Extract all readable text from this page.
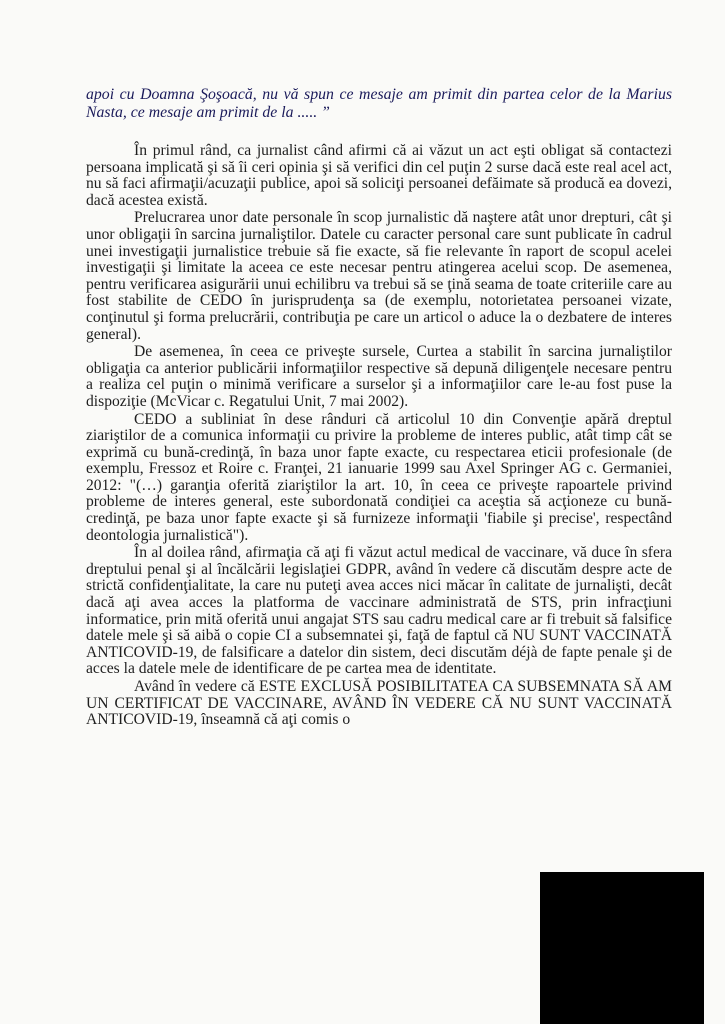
apoi cu Doamna Şoşoacă, nu vă spun ce mesaje am primit din partea celor de la Marius Nasta, ce mesaje am primit de la ..... ”

În primul rând, ca jurnalist când afirmi că ai văzut un act eşti obligat să contactezi persoana implicată şi să îi ceri opinia şi să verifici din cel puţin 2 surse dacă este real acel act, nu să faci afirmaţii/acuzaţii publice, apoi să soliciţi persoanei defăimate să producă ea dovezi, dacă acestea există.

Prelucrarea unor date personale în scop jurnalistic dă naştere atât unor drepturi, cât şi unor obligaţii în sarcina jurnaliştilor. Datele cu caracter personal care sunt publicate în cadrul unei investigaţii jurnalistice trebuie să fie exacte, să fie relevante în raport de scopul acelei investigaţii şi limitate la aceea ce este necesar pentru atingerea acelui scop. De asemenea, pentru verificarea asigurării unui echilibru va trebui să se ţină seama de toate criteriile care au fost stabilite de CEDO în jurisprudenţa sa (de exemplu, notorietatea persoanei vizate, conţinutul şi forma prelucrării, contribuţia pe care un articol o aduce la o dezbatere de interes general).

De asemenea, în ceea ce priveşte sursele, Curtea a stabilit în sarcina jurnaliştilor obligaţia ca anterior publicării informaţiilor respective să depună diligenţele necesare pentru a realiza cel puţin o minimă verificare a surselor şi a informaţiilor care le-au fost puse la dispoziţie (McVicar c. Regatului Unit, 7 mai 2002).

CEDO a subliniat în dese rânduri că articolul 10 din Convenţie apără dreptul ziariştilor de a comunica informaţii cu privire la probleme de interes public, atât timp cât se exprimă cu bună-credinţă, în baza unor fapte exacte, cu respectarea eticii profesionale (de exemplu, Fressoz et Roire c. Franţei, 21 ianuarie 1999 sau Axel Springer AG c. Germaniei, 2012: "(…) garanţia oferită ziariştilor la art. 10, în ceea ce priveşte rapoartele privind probleme de interes general, este subordonată condiţiei ca aceştia să acţioneze cu bună-credinţă, pe baza unor fapte exacte şi să furnizeze informaţii 'fiabile şi precise', respectând deontologia jurnalistică").

În al doilea rând, afirmaţia că aţi fi văzut actul medical de vaccinare, vă duce în sfera dreptului penal şi al încălcării legislaţiei GDPR, având în vedere că discutăm despre acte de strictă confidenţialitate, la care nu puteţi avea acces nici măcar în calitate de jurnalişti, decât dacă aţi avea acces la platforma de vaccinare administrată de STS, prin infracţiuni informatice, prin mită oferită unui angajat STS sau cadru medical care ar fi trebuit să falsifice datele mele şi să aibă o copie CI a subsemnatei şi, faţă de faptul că NU SUNT VACCINATĂ ANTICOVID-19, de falsificare a datelor din sistem, deci discutăm déjà de fapte penale şi de acces la datele mele de identificare de pe cartea mea de identitate.

Având în vedere că ESTE EXCLUSĂ POSIBILITATEA CA SUBSEMNATA SĂ AM UN CERTIFICAT DE VACCINARE, AVÂND ÎN VEDERE CĂ NU SUNT VACCINATĂ ANTICOVID-19, înseamnă că aţi comis o
